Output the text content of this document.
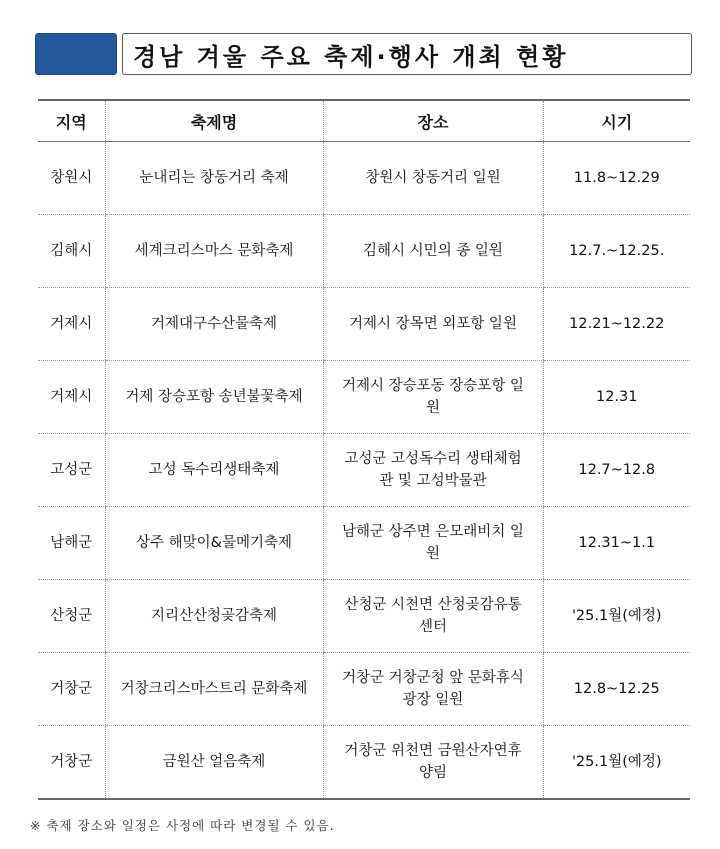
경남 겨울 주요 축제·행사 개최 현황
지역	축제명	장소	시기
창원시	눈내리는 창동거리 축제	창원시 창동거리 일원	11.8~12.29
김해시	세계크리스마스 문화축제	김해시 시민의 종 일원	12.7.~12.25.
거제시	거제대구수산물축제	거제시 장목면 외포항 일원	12.21~12.22
거제시	거제 장승포항 송년불꽃축제	거제시 장승포동 장승포항 일원	12.31
고성군	고성 독수리생태축제	고성군 고성독수리 생태체험관 및 고성박물관	12.7~12.8
남해군	상주 해맞이&물메기축제	남해군 상주면 은모래비치 일원	12.31~1.1
산청군	지리산산청곶감축제	산청군 시천면 산청곶감유통센터	'25.1월(예정)
거창군	거창크리스마스트리 문화축제	거창군 거창군청 앞 문화휴식광장 일원	12.8~12.25
거창군	금원산 얼음축제	거창군 위천면 금원산자연휴양림	'25.1월(예정)
※ 축제 장소와 일정은 사정에 따라 변경될 수 있음.
